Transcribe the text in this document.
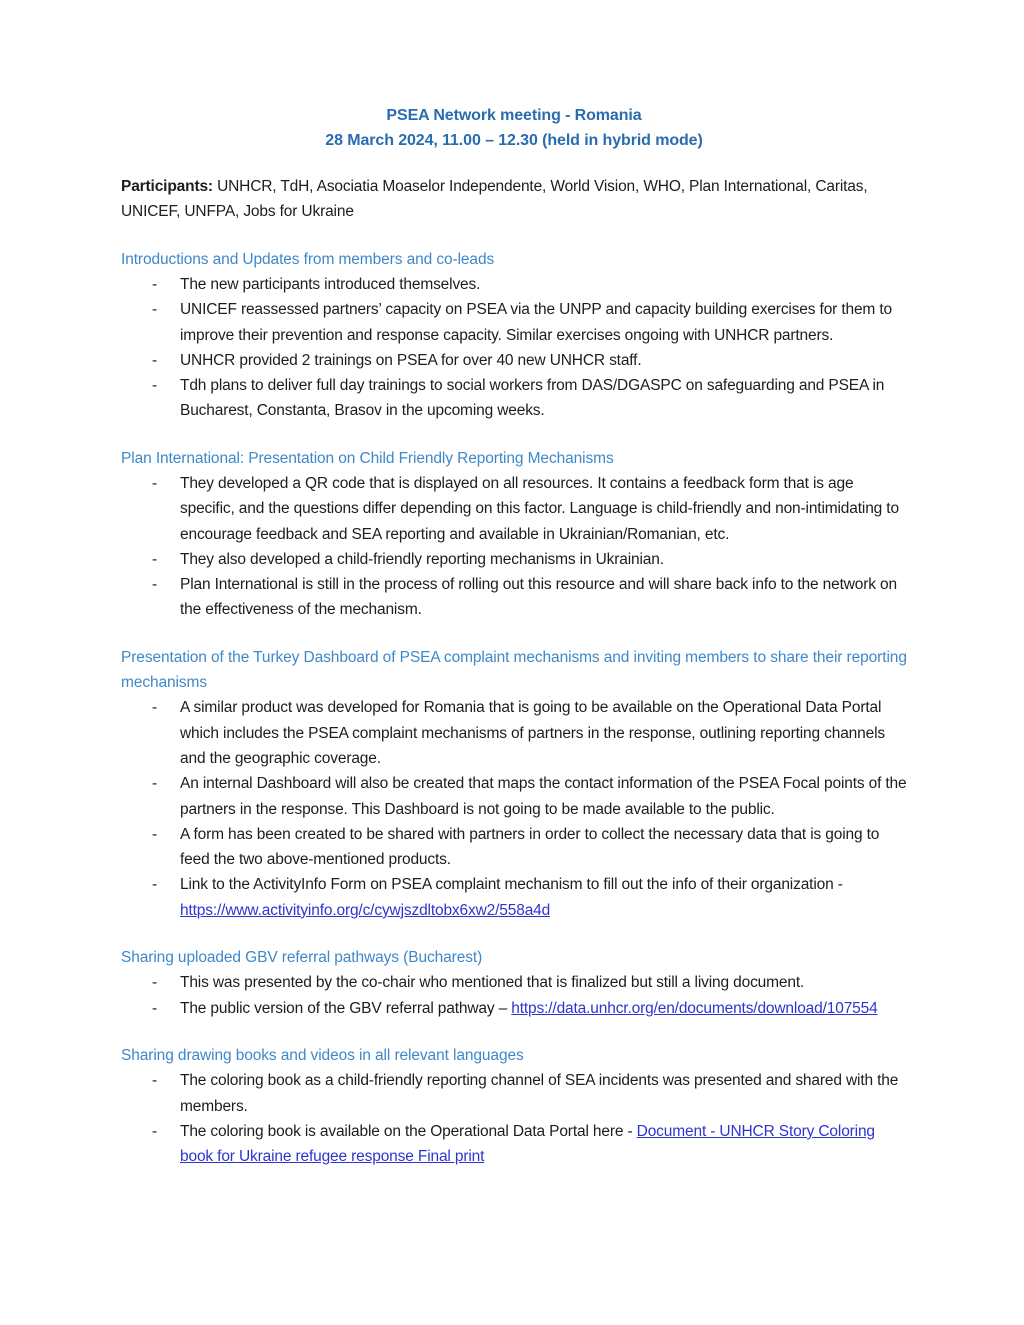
PSEA Network meeting - Romania
28 March 2024, 11.00 – 12.30 (held in hybrid mode)

Participants: UNHCR, TdH, Asociatia Moaselor Independente, World Vision, WHO, Plan International, Caritas, UNICEF, UNFPA, Jobs for Ukraine

Introductions and Updates from members and co-leads
- The new participants introduced themselves.
- UNICEF reassessed partners’ capacity on PSEA via the UNPP and capacity building exercises for them to improve their prevention and response capacity. Similar exercises ongoing with UNHCR partners.
- UNHCR provided 2 trainings on PSEA for over 40 new UNHCR staff.
- Tdh plans to deliver full day trainings to social workers from DAS/DGASPC on safeguarding and PSEA in Bucharest, Constanta, Brasov in the upcoming weeks.
Plan International: Presentation on Child Friendly Reporting Mechanisms
- They developed a QR code that is displayed on all resources. It contains a feedback form that is age specific, and the questions differ depending on this factor. Language is child-friendly and non-intimidating to encourage feedback and SEA reporting and available in Ukrainian/Romanian, etc.
- They also developed a child-friendly reporting mechanisms in Ukrainian.
- Plan International is still in the process of rolling out this resource and will share back info to the network on the effectiveness of the mechanism.
Presentation of the Turkey Dashboard of PSEA complaint mechanisms and inviting members to share their reporting mechanisms
- A similar product was developed for Romania that is going to be available on the Operational Data Portal which includes the PSEA complaint mechanisms of partners in the response, outlining reporting channels and the geographic coverage.
- An internal Dashboard will also be created that maps the contact information of the PSEA Focal points of the partners in the response. This Dashboard is not going to be made available to the public.
- A form has been created to be shared with partners in order to collect the necessary data that is going to feed the two above-mentioned products.
- Link to the ActivityInfo Form on PSEA complaint mechanism to fill out the info of their organization - https://www.activityinfo.org/c/cywjszdltobx6xw2/558a4d
Sharing uploaded GBV referral pathways (Bucharest)
- This was presented by the co-chair who mentioned that is finalized but still a living document.
- The public version of the GBV referral pathway – https://data.unhcr.org/en/documents/download/107554
Sharing drawing books and videos in all relevant languages
- The coloring book as a child-friendly reporting channel of SEA incidents was presented and shared with the members.
- The coloring book is available on the Operational Data Portal here - Document - UNHCR Story Coloring book for Ukraine refugee response Final print
